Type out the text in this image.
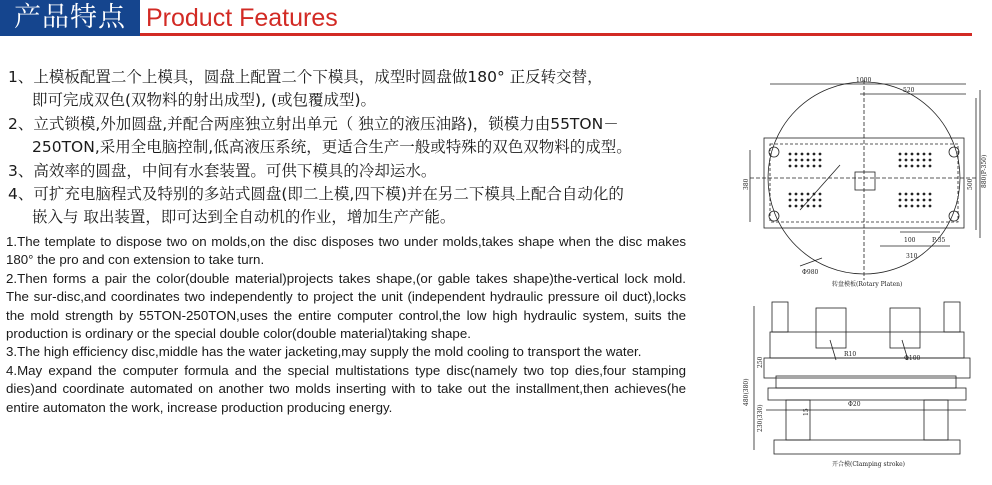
产品特点 Product Features
1、上模板配置二个上模具，圆盘上配置二个下模具，成型时圆盘做180° 正反转交替，
即可完成双色(双物料的射出成型), (或包覆成型)。
2、立式锁模,外加圆盘,并配合两座独立射出单元（ 独立的液压油路)，锁模力由55TON－
250TON,采用全电脑控制,低高液压系统，更适合生产一般或特殊的双色双物料的成型。
3、高效率的圆盘，中间有水套装置。可供下模具的冷却运水。
4、可扩充电脑程式及特别的多站式圆盘(即二上模,四下模)并在另二下模具上配合自动化的
嵌入与 取出装置，即可达到全自动机的作业，增加生产产能。
1.The template to dispose two on molds,on the disc disposes two under molds,takes shape when the disc makes 180° the pro and con extension to take turn.
2.Then forms a pair the color(double material)projects takes shape,(or gable takes shape)the-vertical lock mold. The sur-disc,and coordinates two independently to project the unit (independent hydraulic pressure oil duct),locks the mold strength by 55TON-250TON,uses the entire computer control,the low high hydraulic system, suits the production is ordinary or the special double color(double material)taking shape.
3.The high efficiency disc,middle has the water jacketing,may supply the mold cooling to transport the water.
4.May expand the computer formula and the special multistations type disc(namely two top dies,four stamping dies)and coordinate automated on another two molds inserting with to take out the installment,then achieves(he entire automaton the work, increase production producing energy.
1000
520
380	500 880(P-350)
100	P-35
310
Φ980
转盘模板(Rotary Platen)
R10
Φ100
Φ20
250
480(380)
230(330)	15
开合模(Clamping stroke)
